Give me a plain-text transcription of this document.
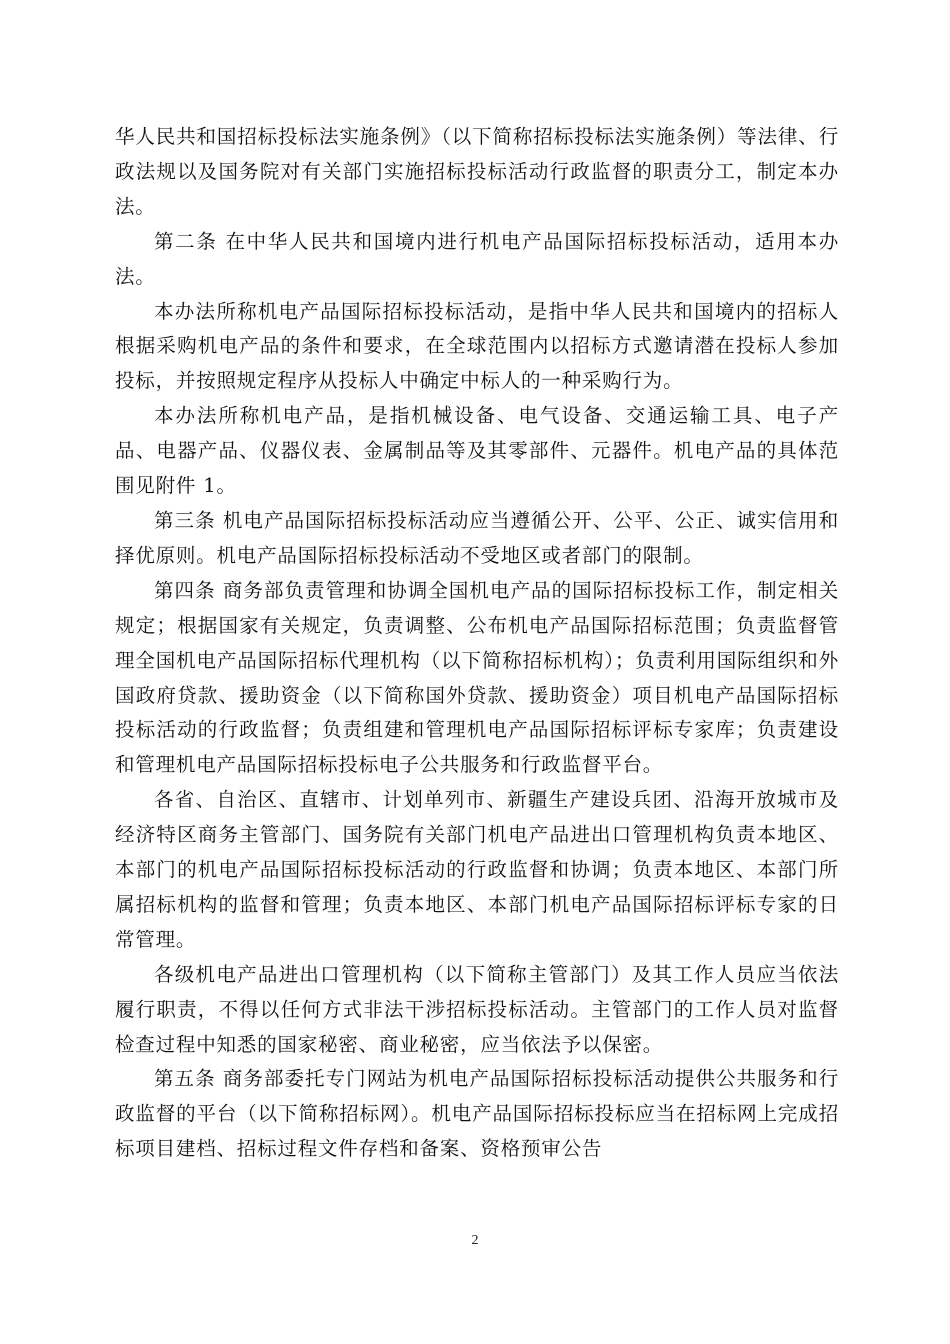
华人民共和国招标投标法实施条例》（以下简称招标投标法实施条例）等法律、行政法规以及国务院对有关部门实施招标投标活动行政监督的职责分工，制定本办法。

第二条 在中华人民共和国境内进行机电产品国际招标投标活动，适用本办法。

本办法所称机电产品国际招标投标活动，是指中华人民共和国境内的招标人根据采购机电产品的条件和要求，在全球范围内以招标方式邀请潜在投标人参加投标，并按照规定程序从投标人中确定中标人的一种采购行为。

本办法所称机电产品，是指机械设备、电气设备、交通运输工具、电子产品、电器产品、仪器仪表、金属制品等及其零部件、元器件。机电产品的具体范围见附件 1。

第三条 机电产品国际招标投标活动应当遵循公开、公平、公正、诚实信用和择优原则。机电产品国际招标投标活动不受地区或者部门的限制。

第四条 商务部负责管理和协调全国机电产品的国际招标投标工作，制定相关规定；根据国家有关规定，负责调整、公布机电产品国际招标范围；负责监督管理全国机电产品国际招标代理机构（以下简称招标机构）；负责利用国际组织和外国政府贷款、援助资金（以下简称国外贷款、援助资金）项目机电产品国际招标投标活动的行政监督；负责组建和管理机电产品国际招标评标专家库；负责建设和管理机电产品国际招标投标电子公共服务和行政监督平台。

各省、自治区、直辖市、计划单列市、新疆生产建设兵团、沿海开放城市及经济特区商务主管部门、国务院有关部门机电产品进出口管理机构负责本地区、本部门的机电产品国际招标投标活动的行政监督和协调；负责本地区、本部门所属招标机构的监督和管理；负责本地区、本部门机电产品国际招标评标专家的日常管理。

各级机电产品进出口管理机构（以下简称主管部门）及其工作人员应当依法履行职责，不得以任何方式非法干涉招标投标活动。主管部门的工作人员对监督检查过程中知悉的国家秘密、商业秘密，应当依法予以保密。

第五条 商务部委托专门网站为机电产品国际招标投标活动提供公共服务和行政监督的平台（以下简称招标网）。机电产品国际招标投标应当在招标网上完成招标项目建档、招标过程文件存档和备案、资格预审公告

2
